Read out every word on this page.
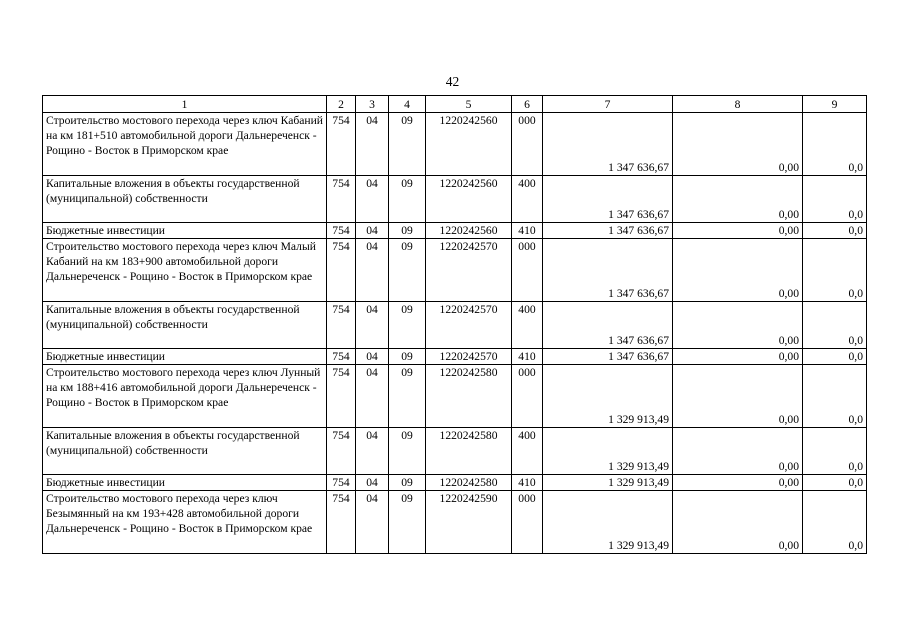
42
1	2	3	4	5	6	7	8	9
Строительство мостового перехода через ключ Кабаний на км 181+510 автомобильной дороги Дальнереченск - Рощино - Восток в Приморском крае	754	04	09	1220242560	000	1 347 636,67	0,00	0,0
Капитальные вложения в объекты государственной (муниципальной) собственности	754	04	09	1220242560	400	1 347 636,67	0,00	0,0
Бюджетные инвестиции	754	04	09	1220242560	410	1 347 636,67	0,00	0,0
Строительство мостового перехода через ключ Малый Кабаний на км 183+900 автомобильной дороги Дальнереченск - Рощино - Восток в Приморском крае	754	04	09	1220242570	000	1 347 636,67	0,00	0,0
Капитальные вложения в объекты государственной (муниципальной) собственности	754	04	09	1220242570	400	1 347 636,67	0,00	0,0
Бюджетные инвестиции	754	04	09	1220242570	410	1 347 636,67	0,00	0,0
Строительство мостового перехода через ключ Лунный на км 188+416 автомобильной дороги Дальнереченск - Рощино - Восток в Приморском крае	754	04	09	1220242580	000	1 329 913,49	0,00	0,0
Капитальные вложения в объекты государственной (муниципальной) собственности	754	04	09	1220242580	400	1 329 913,49	0,00	0,0
Бюджетные инвестиции	754	04	09	1220242580	410	1 329 913,49	0,00	0,0
Строительство мостового перехода через ключ Безымянный на км 193+428 автомобильной дороги Дальнереченск - Рощино - Восток в Приморском крае	754	04	09	1220242590	000	1 329 913,49	0,00	0,0
